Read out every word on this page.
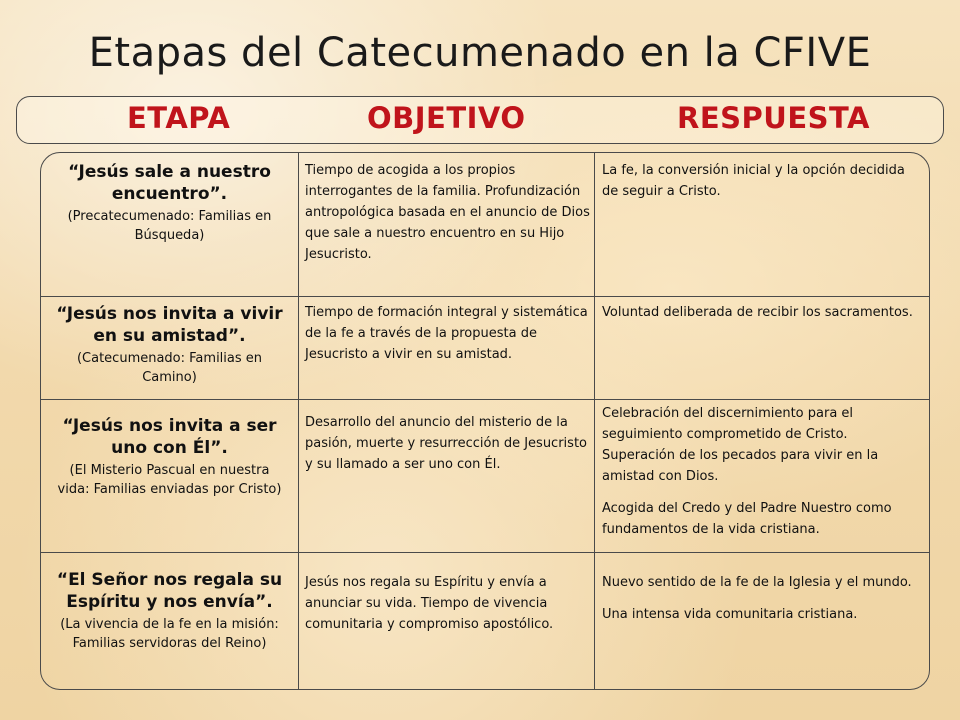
Etapas del Catecumenado en la CFIVE
ETAPA	OBJETIVO	RESPUESTA
“Jesús sale a nuestro encuentro”.
(Precatecumenado: Familias en Búsqueda)
Tiempo de acogida a los propios interrogantes de la familia. Profundización antropológica basada en el anuncio de Dios que sale a nuestro encuentro en su Hijo Jesucristo.
La fe, la conversión inicial y la opción decidida de seguir a Cristo.
“Jesús nos invita a vivir en su amistad”.
(Catecumenado: Familias en Camino)
Tiempo de formación integral y sistemática de la fe a través de la propuesta de Jesucristo a vivir en su amistad.
Voluntad deliberada de recibir los sacramentos.
“Jesús nos invita a ser uno con Él”.
(El Misterio Pascual en nuestra vida: Familias enviadas por Cristo)
Desarrollo del anuncio del misterio de la pasión, muerte y resurrección de Jesucristo y su llamado a ser uno con Él.
Celebración del discernimiento para el seguimiento comprometido de Cristo. Superación de los pecados para vivir en la amistad con Dios.
Acogida del Credo y del Padre Nuestro como fundamentos de la vida cristiana.
“El Señor nos regala su Espíritu y nos envía”.
(La vivencia de la fe en la misión: Familias servidoras del Reino)
Jesús nos regala su Espíritu y envía a anunciar su vida. Tiempo de vivencia comunitaria y compromiso apostólico.
Nuevo sentido de la fe de la Iglesia y el mundo.
Una intensa vida comunitaria cristiana.
